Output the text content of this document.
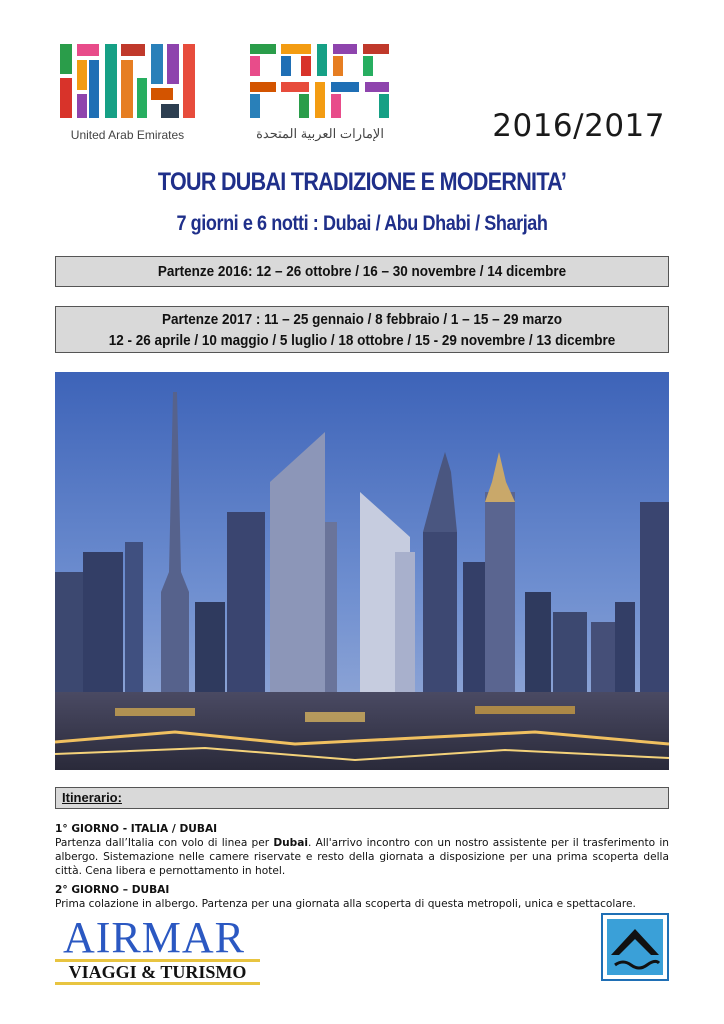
United Arab Emirates	الإمارات العربية المتحدة	2016/2017
TOUR DUBAI TRADIZIONE E MODERNITA’
7 giorni e 6 notti : Dubai / Abu Dhabi / Sharjah
Partenze 2016: 12 – 26 ottobre / 16 – 30 novembre / 14 dicembre
Partenze 2017 : 11 – 25 gennaio / 8 febbraio / 1 – 15 – 29 marzo
12 - 26 aprile / 10 maggio / 5 luglio / 18 ottobre / 15 - 29 novembre / 13 dicembre
Itinerario:
1° GIORNO - ITALIA / DUBAI
Partenza dall’Italia con volo di linea per Dubai. All'arrivo incontro con un nostro assistente per il trasferimento in albergo. Sistemazione nelle camere riservate e resto della giornata a disposizione per una prima scoperta della città. Cena libera e pernottamento in hotel.
2° GIORNO – DUBAI
Prima colazione in albergo. Partenza per una giornata alla scoperta di questa metropoli, unica e spettacolare.
AIRMAR
VIAGGI & TURISMO
